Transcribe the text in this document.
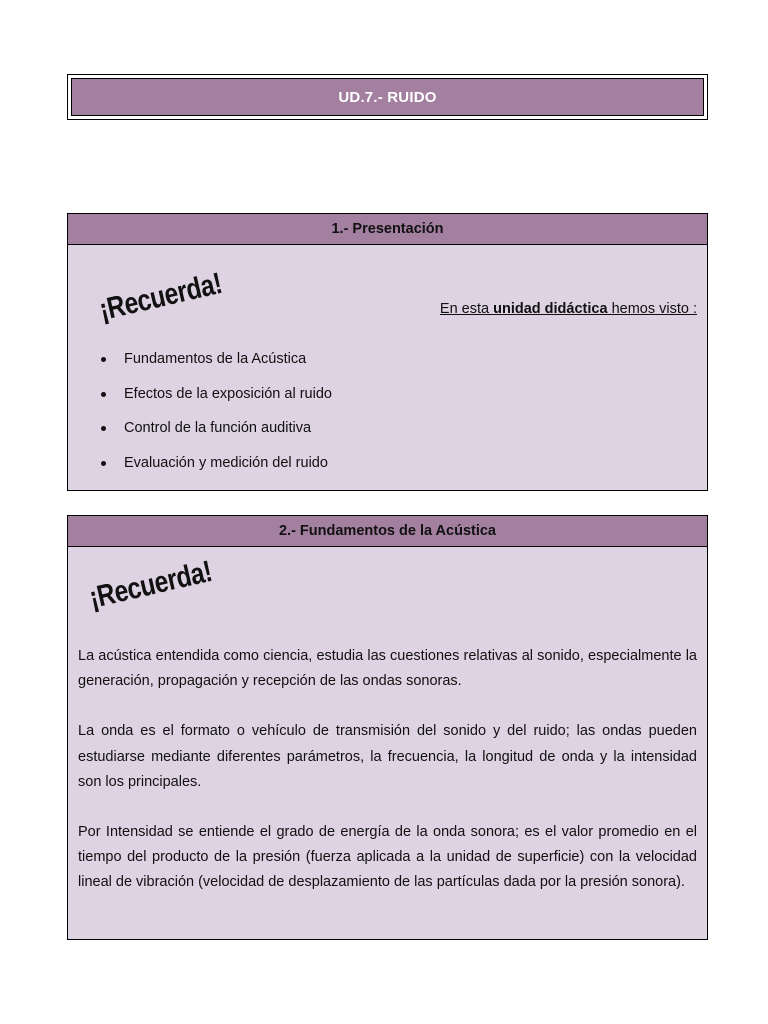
UD.7.- RUIDO
1.- Presentación
¡Recuerda!	En esta unidad didáctica hemos visto :
Fundamentos de la Acústica
Efectos de la exposición al ruido
Control de la función auditiva
Evaluación y medición del ruido
2.- Fundamentos de la Acústica
¡Recuerda!

La acústica entendida como ciencia, estudia las cuestiones relativas al sonido, especialmente la generación, propagación y recepción de las ondas sonoras.

La onda es el formato o vehículo de transmisión del sonido y del ruido; las ondas pueden estudiarse mediante diferentes parámetros, la frecuencia, la longitud de onda y la intensidad son los principales.

Por Intensidad se entiende el grado de energía de la onda sonora; es el valor promedio en el tiempo del producto de la presión (fuerza aplicada a la unidad de superficie) con la velocidad lineal de vibración (velocidad de desplazamiento de las partículas dada por la presión sonora).
